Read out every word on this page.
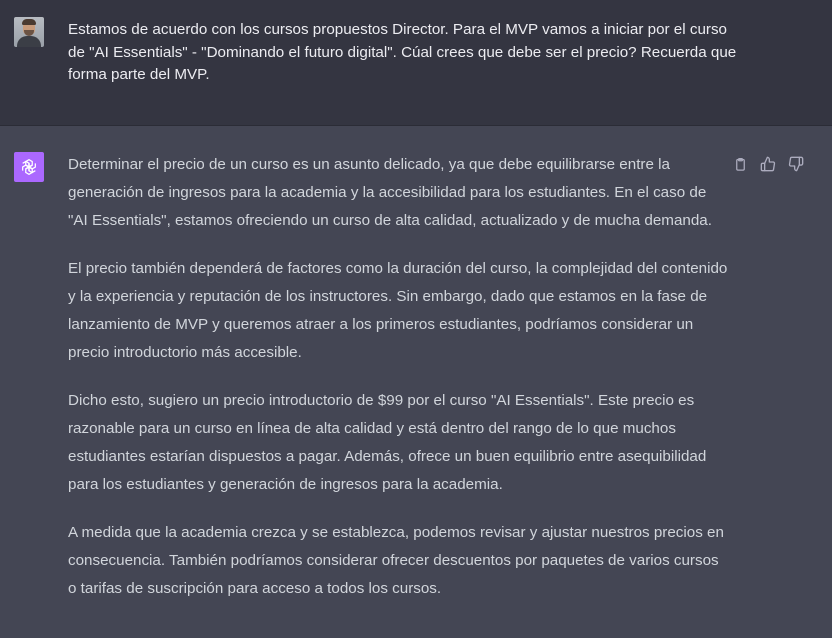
Estamos de acuerdo con los cursos propuestos Director. Para el MVP vamos a iniciar por el curso de "AI Essentials" - "Dominando el futuro digital". Cúal crees que debe ser el precio? Recuerda que forma parte del MVP.

Determinar el precio de un curso es un asunto delicado, ya que debe equilibrarse entre la generación de ingresos para la academia y la accesibilidad para los estudiantes. En el caso de "AI Essentials", estamos ofreciendo un curso de alta calidad, actualizado y de mucha demanda.

El precio también dependerá de factores como la duración del curso, la complejidad del contenido y la experiencia y reputación de los instructores. Sin embargo, dado que estamos en la fase de lanzamiento de MVP y queremos atraer a los primeros estudiantes, podríamos considerar un precio introductorio más accesible.

Dicho esto, sugiero un precio introductorio de $99 por el curso "AI Essentials". Este precio es razonable para un curso en línea de alta calidad y está dentro del rango de lo que muchos estudiantes estarían dispuestos a pagar. Además, ofrece un buen equilibrio entre asequibilidad para los estudiantes y generación de ingresos para la academia.

A medida que la academia crezca y se establezca, podemos revisar y ajustar nuestros precios en consecuencia. También podríamos considerar ofrecer descuentos por paquetes de varios cursos o tarifas de suscripción para acceso a todos los cursos.
